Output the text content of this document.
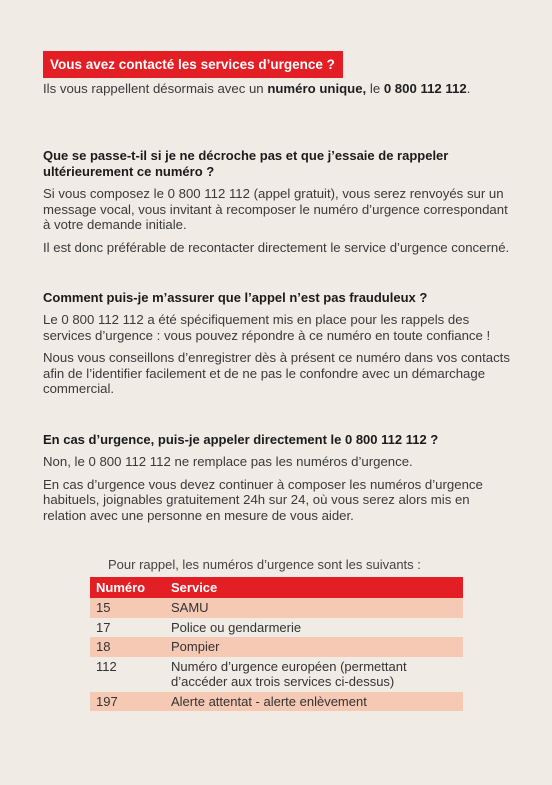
Vous avez contacté les services d’urgence ?
Ils vous rappellent désormais avec un numéro unique, le 0 800 112 112.
Que se passe-t-il si je ne décroche pas et que j’essaie de rappeler ultérieurement ce numéro ?
Si vous composez le 0 800 112 112 (appel gratuit), vous serez renvoyés sur un message vocal, vous invitant à recomposer le numéro d’urgence correspondant à votre demande initiale.
Il est donc préférable de recontacter directement le service d’urgence concerné.
Comment puis-je m’assurer que l’appel n’est pas frauduleux ?
Le 0 800 112 112 a été spécifiquement mis en place pour les rappels des services d’urgence : vous pouvez répondre à ce numéro en toute confiance !
Nous vous conseillons d’enregistrer dès à présent ce numéro dans vos contacts afin de l’identifier facilement et de ne pas le confondre avec un démarchage commercial.
En cas d’urgence, puis-je appeler directement le 0 800 112 112 ?
Non, le 0 800 112 112 ne remplace pas les numéros d’urgence.
En cas d’urgence vous devez continuer à composer les numéros d’urgence habituels, joignables gratuitement 24h sur 24, où vous serez alors mis en relation avec une personne en mesure de vous aider.
Pour rappel, les numéros d’urgence sont les suivants :
Numéro	Service
15	SAMU
17	Police ou gendarmerie
18	Pompier
112	Numéro d’urgence européen (permettant d’accéder aux trois services ci-dessus)
197	Alerte attentat - alerte enlèvement
